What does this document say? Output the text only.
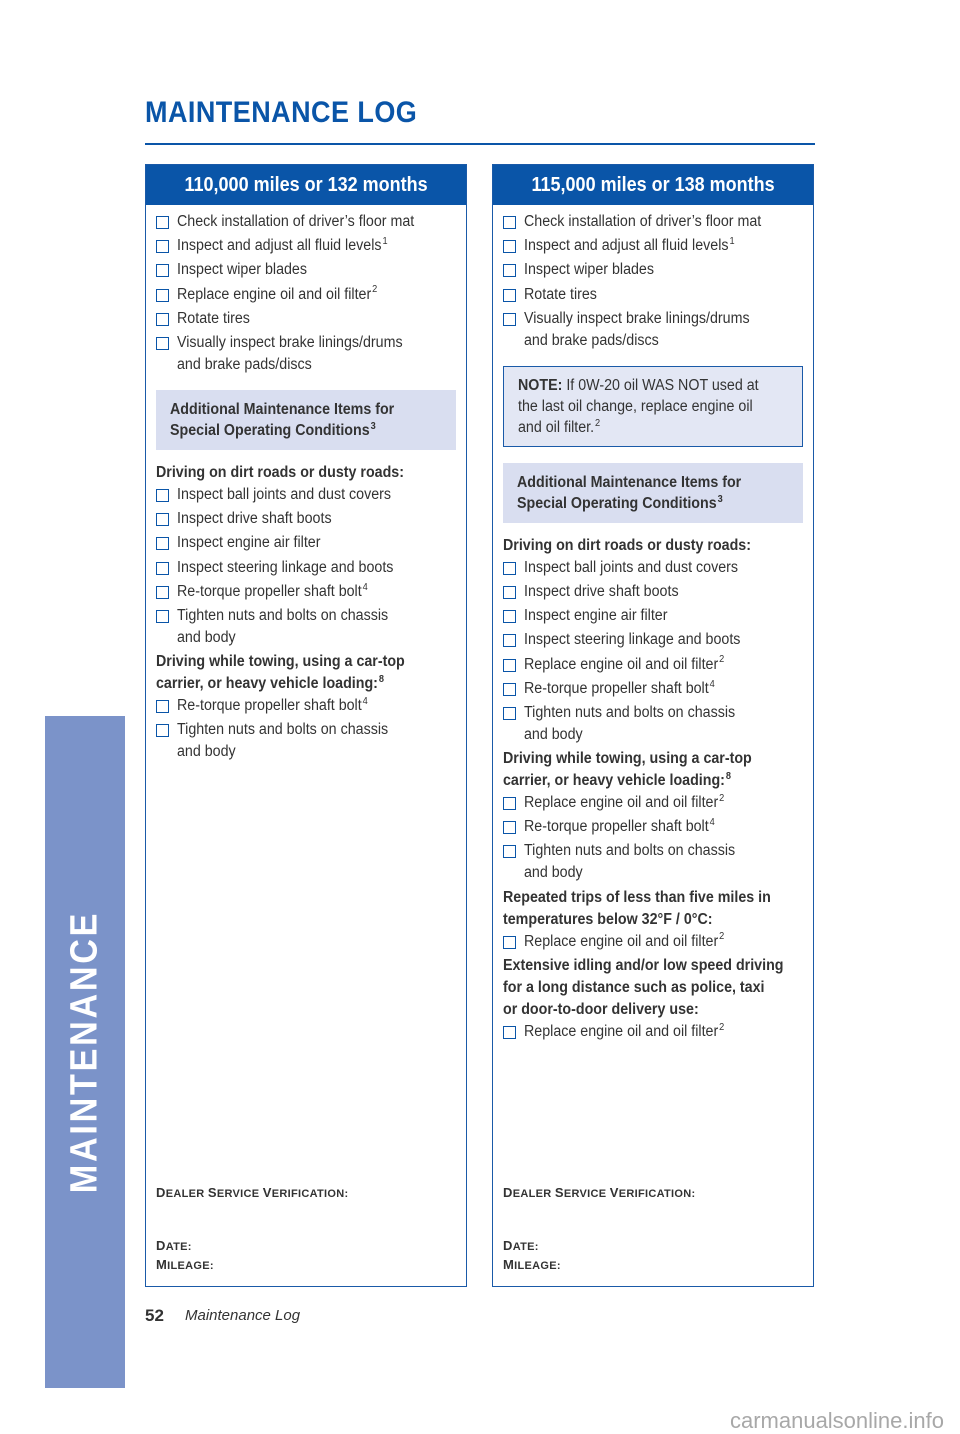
MAINTENANCE LOG
MAINTENANCE
110,000 miles or 132 months
Check installation of driver’s floor mat
Inspect and adjust all fluid levels$^1$
Inspect wiper blades
Replace engine oil and oil filter$^2$
Rotate tires
Visually inspect brake linings/drums
and brake pads/discs
Additional Maintenance Items for
Special Operating Conditions$^3$
Driving on dirt roads or dusty roads:
Inspect ball joints and dust covers
Inspect drive shaft boots
Inspect engine air filter
Inspect steering linkage and boots
Re-torque propeller shaft bolt$^4$
Tighten nuts and bolts on chassis
and body
Driving while towing, using a car-top
carrier, or heavy vehicle loading:$^8$
Re-torque propeller shaft bolt$^4$
Tighten nuts and bolts on chassis
and body
DEALER SERVICE VERIFICATION:
DATE:
MILEAGE:
115,000 miles or 138 months
Check installation of driver’s floor mat
Inspect and adjust all fluid levels$^1$
Inspect wiper blades
Rotate tires
Visually inspect brake linings/drums
and brake pads/discs
NOTE: If 0W-20 oil WAS NOT used at
the last oil change, replace engine oil
and oil filter.$^2$
Additional Maintenance Items for
Special Operating Conditions$^3$
Driving on dirt roads or dusty roads:
Inspect ball joints and dust covers
Inspect drive shaft boots
Inspect engine air filter
Inspect steering linkage and boots
Replace engine oil and oil filter$^2$
Re-torque propeller shaft bolt$^4$
Tighten nuts and bolts on chassis
and body
Driving while towing, using a car-top
carrier, or heavy vehicle loading:$^8$
Replace engine oil and oil filter$^2$
Re-torque propeller shaft bolt$^4$
Tighten nuts and bolts on chassis
and body
Repeated trips of less than five miles in
temperatures below 32°F / 0°C:
Replace engine oil and oil filter$^2$
Extensive idling and/or low speed driving
for a long distance such as police, taxi
or door-to-door delivery use:
Replace engine oil and oil filter$^2$
DEALER SERVICE VERIFICATION:
DATE:
MILEAGE:
52 Maintenance Log
carmanualsonline.info
